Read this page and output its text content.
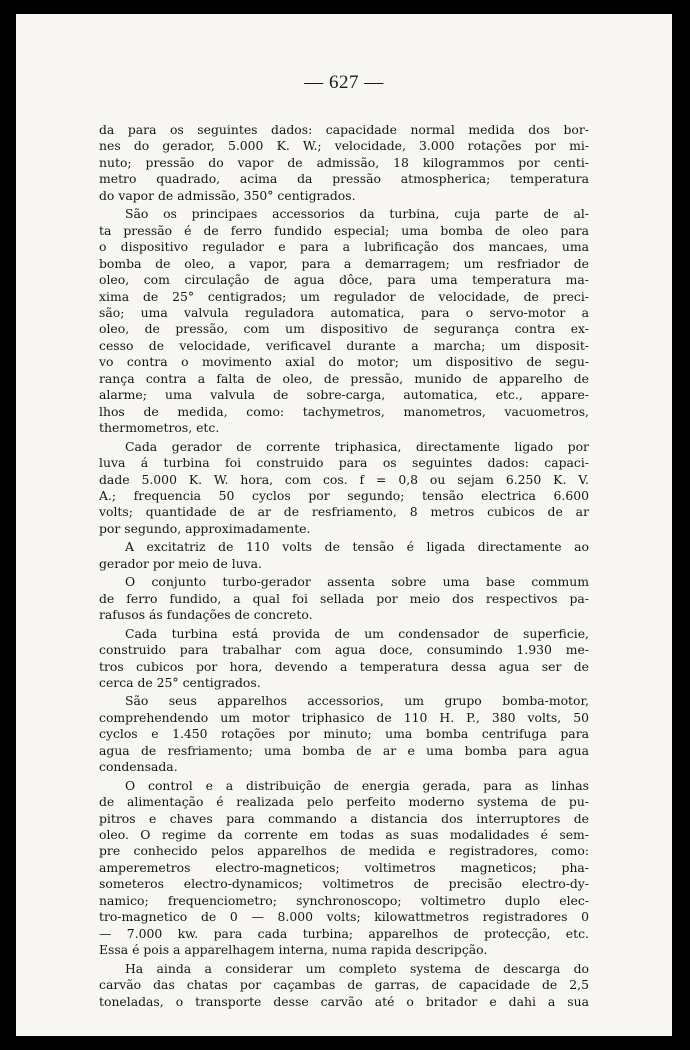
— 627 —
da para os seguintes dados: capacidade normal medida dos bor-
nes do gerador, 5.000 K. W.; velocidade, 3.000 rotações por mi-
nuto; pressão do vapor de admissão, 18 kilogrammos por centi-
metro quadrado, acima da pressão atmospherica; temperatura
do vapor de admissão, 350° centigrados.
São os principaes accessorios da turbina, cuja parte de al-
ta pressão é de ferro fundido especial; uma bomba de oleo para
o dispositivo regulador e para a lubrificação dos mancaes, uma
bomba de oleo, a vapor, para a demarragem; um resfriador de
oleo, com circulação de agua dôce, para uma temperatura ma-
xima de 25° centigrados; um regulador de velocidade, de preci-
são; uma valvula reguladora automatica, para o servo-motor a
oleo, de pressão, com um dispositivo de segurança contra ex-
cesso de velocidade, verificavel durante a marcha; um disposit-
vo contra o movimento axial do motor; um dispositivo de segu-
rança contra a falta de oleo, de pressão, munido de apparelho de
alarme; uma valvula de sobre-carga, automatica, etc., appare-
lhos de medida, como: tachymetros, manometros, vacuometros,
thermometros, etc.
Cada gerador de corrente triphasica, directamente ligado por
luva á turbina foi construido para os seguintes dados: capaci-
dade 5.000 K. W. hora, com cos. f = 0,8 ou sejam 6.250 K. V.
A.; frequencia 50 cyclos por segundo; tensão electrica 6.600
volts; quantidade de ar de resfriamento, 8 metros cubicos de ar
por segundo, approximadamente.
A excitatriz de 110 volts de tensão é ligada directamente ao
gerador por meio de luva.
O conjunto turbo-gerador assenta sobre uma base commum
de ferro fundido, a qual foi sellada por meio dos respectivos pa-
rafusos ás fundações de concreto.
Cada turbina está provida de um condensador de superficie,
construido para trabalhar com agua doce, consumindo 1.930 me-
tros cubicos por hora, devendo a temperatura dessa agua ser de
cerca de 25° centigrados.
São seus apparelhos accessorios, um grupo bomba-motor,
comprehendendo um motor triphasico de 110 H. P., 380 volts, 50
cyclos e 1.450 rotações por minuto; uma bomba centrifuga para
agua de resfriamento; uma bomba de ar e uma bomba para agua
condensada.
O control e a distribuição de energia gerada, para as linhas
de alimentação é realizada pelo perfeito moderno systema de pu-
pitros e chaves para commando a distancia dos interruptores de
oleo. O regime da corrente em todas as suas modalidades é sem-
pre conhecido pelos apparelhos de medida e registradores, como:
amperemetros electro-magneticos; voltimetros magneticos; pha-
someteros electro-dynamicos; voltimetros de precisão electro-dy-
namico; frequenciometro; synchronoscopo; voltimetro duplo elec-
tro-magnetico de 0 — 8.000 volts; kilowattmetros registradores 0
— 7.000 kw. para cada turbina; apparelhos de protecção, etc.
Essa é pois a apparelhagem interna, numa rapida descripção.
Ha ainda a considerar um completo systema de descarga do
carvão das chatas por caçambas de garras, de capacidade de 2,5
toneladas, o transporte desse carvão até o britador e dahi a sua
